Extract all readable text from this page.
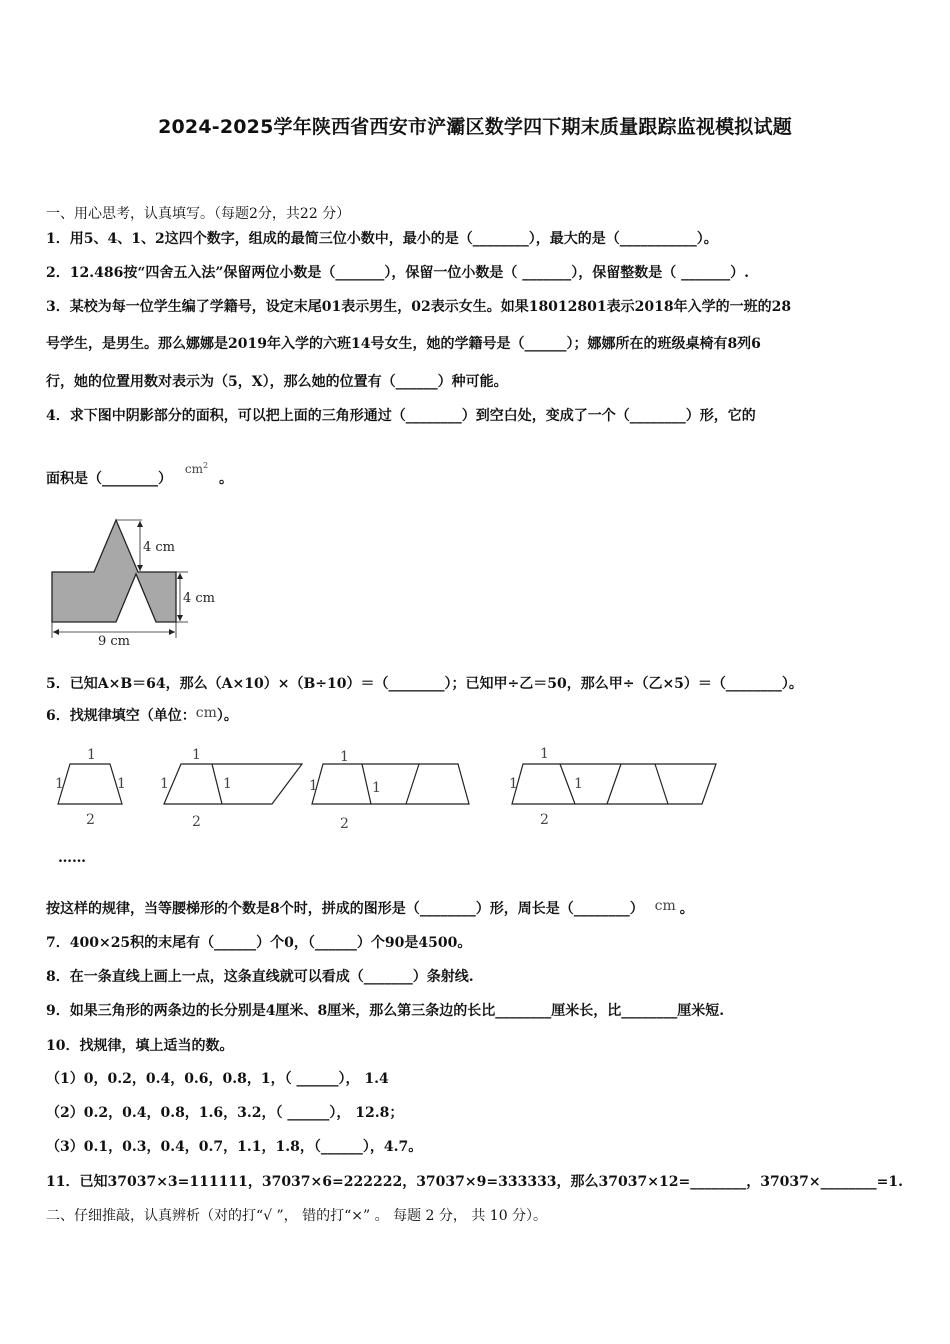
2024-2025学年陕西省西安市浐灞区数学四下期末质量跟踪监视模拟试题
一、用心思考，认真填写。（每题2分，共22 分）
1．用5、4、1、2这四个数字，组成的最简三位小数中，最小的是（________），最大的是（___________）。
2．12.486按“四舍五入法”保留两位小数是（_______），保留一位小数是（ _______），保留整数是（ _______）.
3．某校为每一位学生编了学籍号，设定末尾01表示男生，02表示女生。如果18012801表示2018年入学的一班的28
号学生，是男生。那么娜娜是2019年入学的六班14号女生，她的学籍号是（______）；娜娜所在的班级桌椅有8列6
行，她的位置用数对表示为（5，X），那么她的位置有（______）种可能。
4．求下图中阴影部分的面积，可以把上面的三角形通过（________）到空白处，变成了一个（________）形，它的
面积是（________） $cm^2$ 。
4 cm
4 cm
9 cm
5．已知A×B＝64，那么（A×10）×（B÷10）＝（________）；已知甲÷乙＝50，那么甲÷（乙×5）＝（________）。
6．找规律填空（单位：cm）。
1
1	1
2
1
1	1
2
1
1	1
2
1
1	1
2
……
按这样的规律，当等腰梯形的个数是8个时，拼成的图形是（________）形，周长是（________） cm 。
7．400×25积的末尾有（______）个0，（______）个90是4500。
8．在一条直线上画上一点，这条直线就可以看成（_______）条射线.
9．如果三角形的两条边的长分别是4厘米、8厘米，那么第三条边的长比________厘米长，比________厘米短.
10．找规律，填上适当的数。
（1）0，0.2，0.4，0.6，0.8，1，（ ______）， 1.4
（2）0.2，0.4，0.8，1.6，3.2，（ ______）， 12.8；
（3）0.1，0.3，0.4，0.7，1.1，1.8，（______），4.7。
11．已知37037×3=111111，37037×6=222222，37037×9=333333，那么37037×12=________，37037×________=1.
二、仔细推敲，认真辨析（对的打“√ ”， 错的打“×” 。 每题 2 分， 共 10 分）。
